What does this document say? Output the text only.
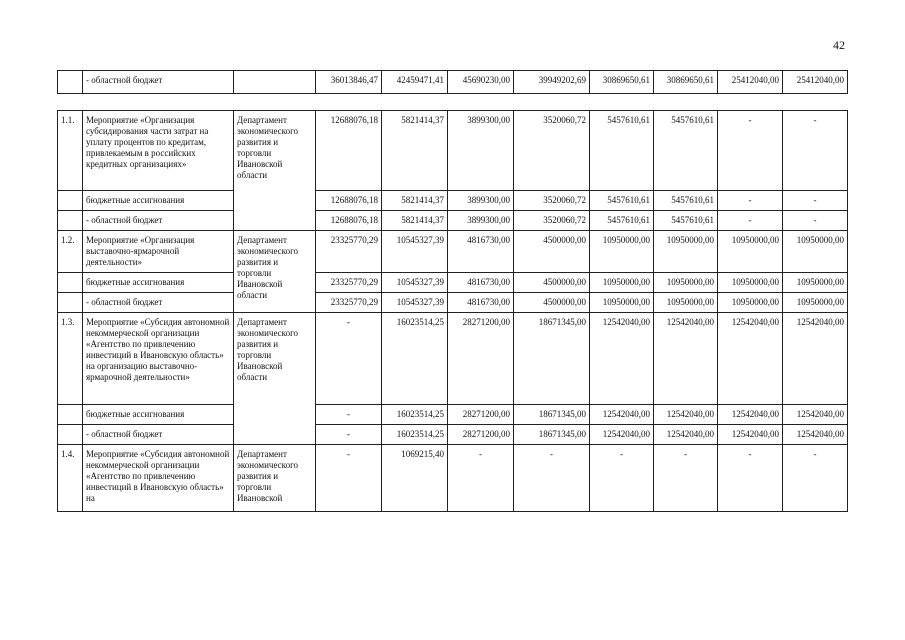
42
	- областной бюджет		36013846,47	42459471,41	45690230,00	39949202,69	30869650,61	30869650,61	25412040,00	25412040,00

1.1.	Мероприятие «Организация субсидирования части затрат на уплату процентов по кредитам, привлекаемым в российских кредитных организациях»	Департамент экономического развития и торговли Ивановской области	12688076,18	5821414,37	3899300,00	3520060,72	5457610,61	5457610,61	-	-
	бюджетные ассигнования		12688076,18	5821414,37	3899300,00	3520060,72	5457610,61	5457610,61	-	-
	- областной бюджет		12688076,18	5821414,37	3899300,00	3520060,72	5457610,61	5457610,61	-	-
1.2.	Мероприятие «Организация выставочно-ярмарочной деятельности»	Департамент экономического развития и торговли Ивановской области	23325770,29	10545327,39	4816730,00	4500000,00	10950000,00	10950000,00	10950000,00	10950000,00
	бюджетные ассигнования		23325770,29	10545327,39	4816730,00	4500000,00	10950000,00	10950000,00	10950000,00	10950000,00
	- областной бюджет		23325770,29	10545327,39	4816730,00	4500000,00	10950000,00	10950000,00	10950000,00	10950000,00
1.3.	Мероприятие «Субсидия автономной некоммерческой организации «Агентство по привлечению инвестиций в Ивановскую область» на организацию выставочно-ярмарочной деятельности»	Департамент экономического развития и торговли Ивановской области	-	16023514,25	28271200,00	18671345,00	12542040,00	12542040,00	12542040,00	12542040,00
	бюджетные ассигнования		-	16023514,25	28271200,00	18671345,00	12542040,00	12542040,00	12542040,00	12542040,00
	- областной бюджет		-	16023514,25	28271200,00	18671345,00	12542040,00	12542040,00	12542040,00	12542040,00
1.4.	Мероприятие «Субсидия автономной некоммерческой организации «Агентство по привлечению инвестиций в Ивановскую область» на	Департамент экономического развития и торговли Ивановской	-	1069215,40	-	-	-	-	-	-
